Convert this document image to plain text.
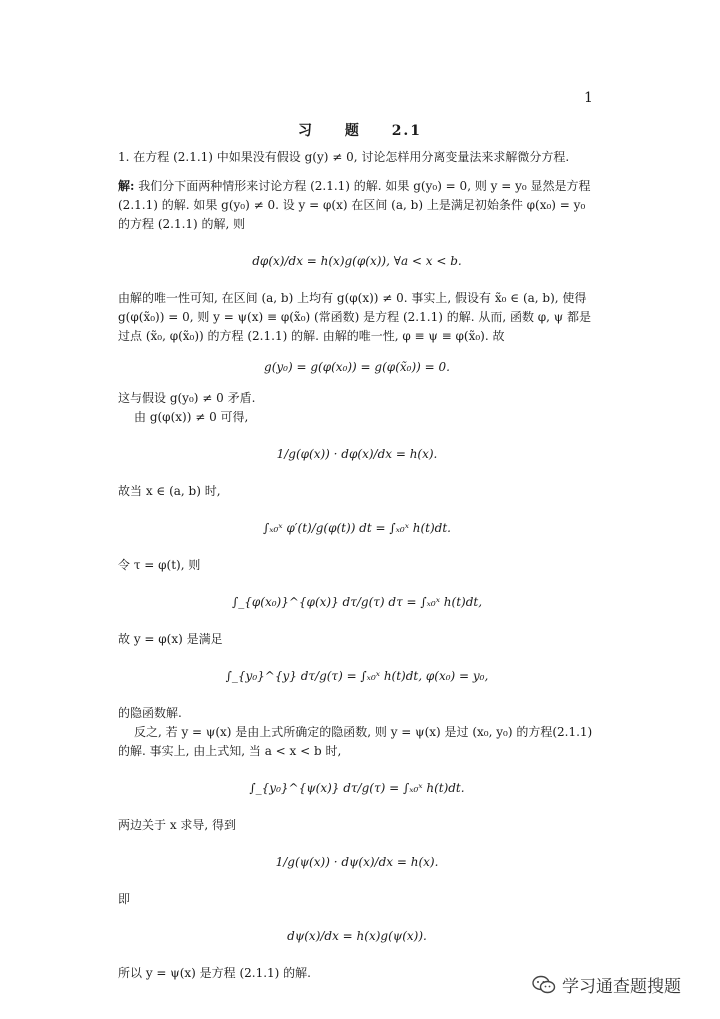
1
习 题 2.1

1. 在方程 (2.1.1) 中如果没有假设 g(y) ≠ 0, 讨论怎样用分离变量法来求解微分方程.

解: 我们分下面两种情形来讨论方程 (2.1.1) 的解. 如果 g(y₀) = 0, 则 y = y₀ 显然是方程 (2.1.1) 的解. 如果 g(y₀) ≠ 0. 设 y = φ(x) 在区间 (a, b) 上是满足初始条件 φ(x₀) = y₀ 的方程 (2.1.1) 的解, 则

dφ(x)/dx = h(x)g(φ(x)), ∀a < x < b.

由解的唯一性可知, 在区间 (a, b) 上均有 g(φ(x)) ≠ 0. 事实上, 假设有 x̃₀ ∈ (a, b), 使得 g(φ(x̃₀)) = 0, 则 y = ψ(x) ≡ φ(x̃₀) (常函数) 是方程 (2.1.1) 的解. 从而, 函数 φ, ψ 都是过点 (x̃₀, φ(x̃₀)) 的方程 (2.1.1) 的解. 由解的唯一性, φ ≡ ψ ≡ φ(x̃₀). 故

g(y₀) = g(φ(x₀)) = g(φ(x̃₀)) = 0.

这与假设 g(y₀) ≠ 0 矛盾.

由 g(φ(x)) ≠ 0 可得,

1/g(φ(x)) · dφ(x)/dx = h(x).

故当 x ∈ (a, b) 时,

∫ₓ₀ˣ φ′(t)/g(φ(t)) dt = ∫ₓ₀ˣ h(t)dt.

令 τ = φ(t), 则

∫_{φ(x₀)}^{φ(x)} dτ/g(τ) dτ = ∫ₓ₀ˣ h(t)dt,

故 y = φ(x) 是满足

∫_{y₀}^{y} dτ/g(τ) = ∫ₓ₀ˣ h(t)dt, φ(x₀) = y₀,

的隐函数解.

反之, 若 y = ψ(x) 是由上式所确定的隐函数, 则 y = ψ(x) 是过 (x₀, y₀) 的方程(2.1.1)的解. 事实上, 由上式知, 当 a < x < b 时,

∫_{y₀}^{ψ(x)} dτ/g(τ) = ∫ₓ₀ˣ h(t)dt.

两边关于 x 求导, 得到

1/g(ψ(x)) · dψ(x)/dx = h(x).

即

dψ(x)/dx = h(x)g(ψ(x)).

所以 y = ψ(x) 是方程 (2.1.1) 的解.

学习通查题搜题
